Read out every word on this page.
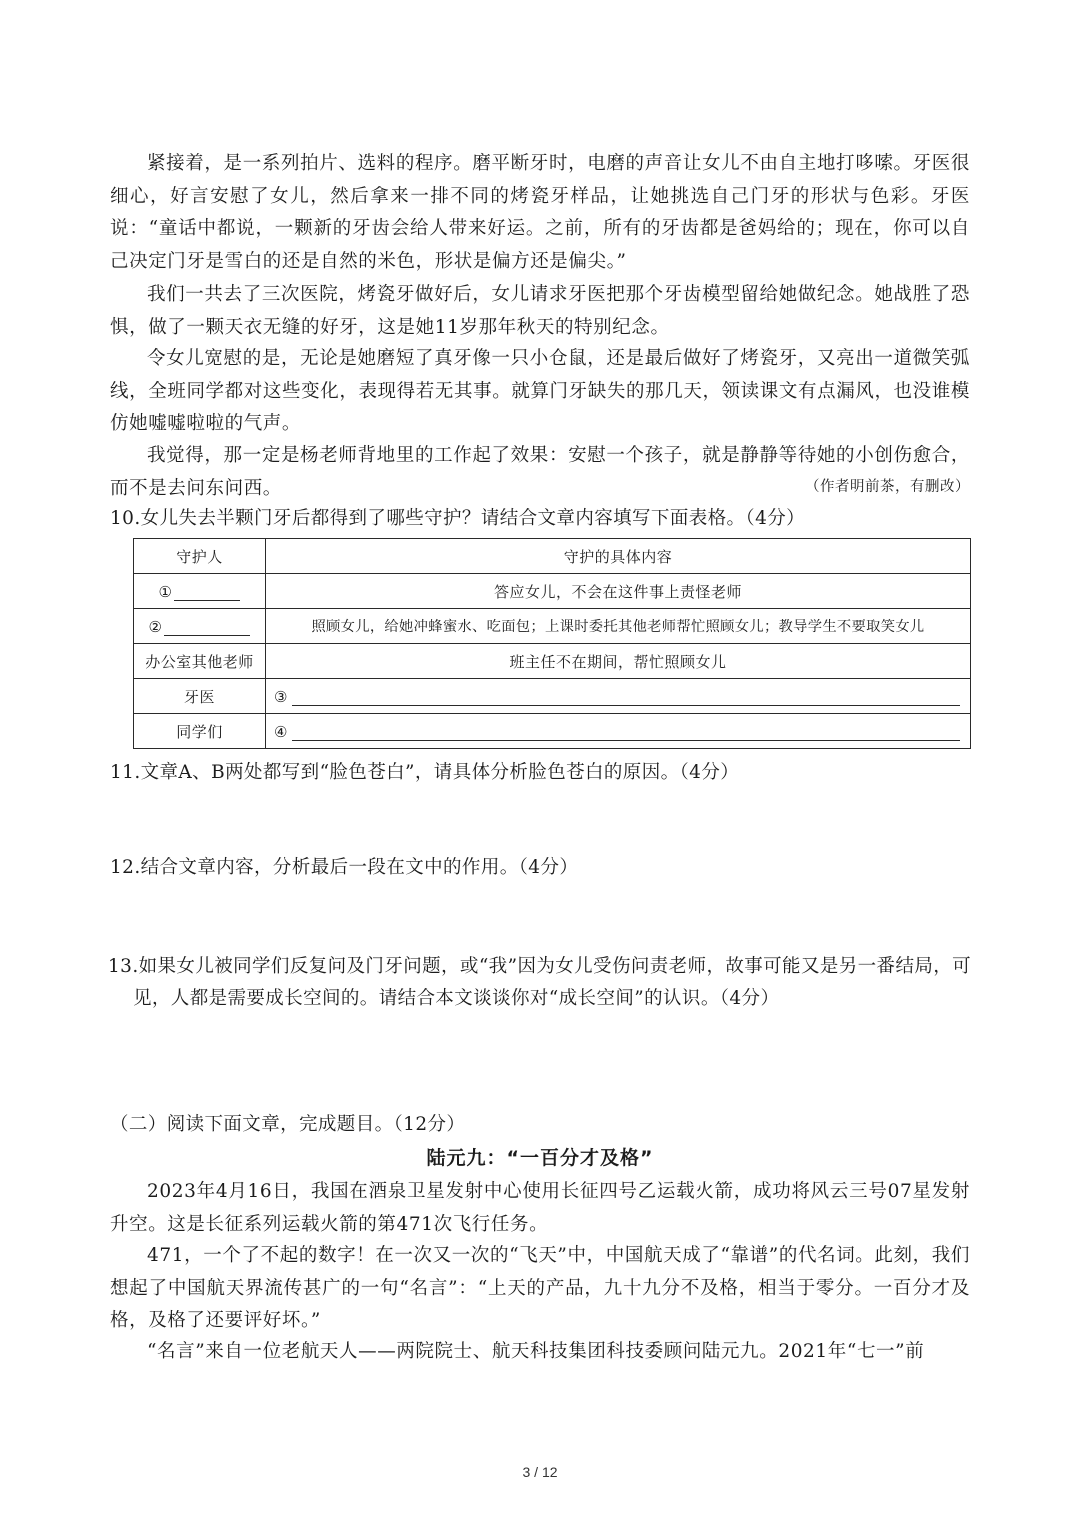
紧接着，是一系列拍片、选料的程序。磨平断牙时，电磨的声音让女儿不由自主地打哆嗦。牙医很细心，好言安慰了女儿，然后拿来一排不同的烤瓷牙样品，让她挑选自己门牙的形状与色彩。牙医说：“童话中都说，一颗新的牙齿会给人带来好运。之前，所有的牙齿都是爸妈给的；现在，你可以自己决定门牙是雪白的还是自然的米色，形状是偏方还是偏尖。”

我们一共去了三次医院，烤瓷牙做好后，女儿请求牙医把那个牙齿模型留给她做纪念。她战胜了恐惧，做了一颗天衣无缝的好牙，这是她11岁那年秋天的特别纪念。

令女儿宽慰的是，无论是她磨短了真牙像一只小仓鼠，还是最后做好了烤瓷牙，又亮出一道微笑弧线，全班同学都对这些变化，表现得若无其事。就算门牙缺失的那几天，领读课文有点漏风，也没谁模仿她嘘嘘啦啦的气声。

我觉得，那一定是杨老师背地里的工作起了效果：安慰一个孩子，就是静静等待她的小创伤愈合，而不是去问东问西。	（作者明前茶，有删改）

10.女儿失去半颗门牙后都得到了哪些守护？请结合文章内容填写下面表格。（4分）

守护人	守护的具体内容
①	答应女儿，不会在这件事上责怪老师
②	照顾女儿，给她冲蜂蜜水、吃面包；上课时委托其他老师帮忙照顾女儿；教导学生不要取笑女儿
办公室其他老师	班主任不在期间，帮忙照顾女儿
牙医	③
同学们	④

11.文章A、B两处都写到“脸色苍白”，请具体分析脸色苍白的原因。（4分）

12.结合文章内容，分析最后一段在文中的作用。（4分）

13.如果女儿被同学们反复问及门牙问题，或“我”因为女儿受伤问责老师，故事可能又是另一番结局，可见，人都是需要成长空间的。请结合本文谈谈你对“成长空间”的认识。（4分）

（二）阅读下面文章，完成题目。（12分）
陆元九：“一百分才及格”

2023年4月16日，我国在酒泉卫星发射中心使用长征四号乙运载火箭，成功将风云三号07星发射升空。这是长征系列运载火箭的第471次飞行任务。

471，一个了不起的数字！在一次又一次的“飞天”中，中国航天成了“靠谱”的代名词。此刻，我们想起了中国航天界流传甚广的一句“名言”：“上天的产品，九十九分不及格，相当于零分。一百分才及格，及格了还要评好坏。”

“名言”来自一位老航天人——两院院士、航天科技集团科技委顾问陆元九。2021年“七一”前

3 / 12
